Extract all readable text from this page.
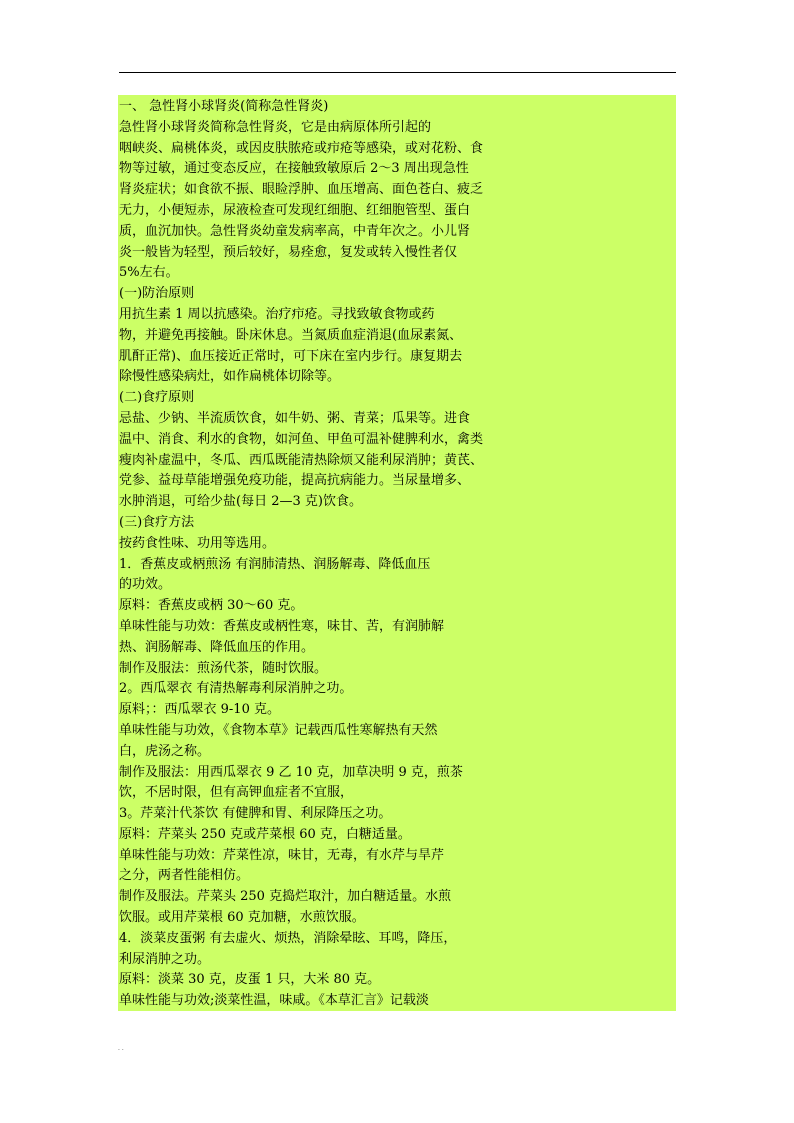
一、 急性肾小球肾炎(简称急性肾炎)
急性肾小球肾炎简称急性肾炎，它是由病原体所引起的
咽峡炎、扁桃体炎，或因皮肤脓疮或疖疮等感染，或对花粉、食
物等过敏，通过变态反应，在接触致敏原后 2～3 周出现急性
肾炎症状；如食欲不振、眼睑浮肿、血压增高、面色苍白、疲乏
无力，小便短赤，尿液检查可发现红细胞、红细胞管型、蛋白
质，血沉加快。急性肾炎幼童发病率高，中青年次之。小儿肾
炎一般皆为轻型，预后较好，易痊愈，复发或转入慢性者仅
5%左右。
(一)防治原则
用抗生素 1 周以抗感染。治疗疖疮。寻找致敏食物或药
物，并避免再接触。卧床休息。当氮质血症消退(血尿素氮、
肌酐正常)、血压接近正常时，可下床在室内步行。康复期去
除慢性感染病灶，如作扁桃体切除等。
(二)食疗原则
忌盐、少钠、半流质饮食，如牛奶、粥、青菜；瓜果等。进食
温中、消食、利水的食物，如河鱼、甲鱼可温补健脾利水，禽类
瘦肉补虚温中，冬瓜、西瓜既能清热除烦又能利尿消肿；黄芪、
党参、益母草能增强免疫功能，提高抗病能力。当尿量增多、
水肿消退，可给少盐(每日 2—3 克)饮食。
(三)食疗方法
按药食性味、功用等选用。
1．香蕉皮或柄煎汤 有润肺清热、润肠解毒、降低血压
的功效。
原料：香蕉皮或柄 30～60 克。
单味性能与功效：香蕉皮或柄性寒，味甘、苦，有润肺解
热、润肠解毒、降低血压的作用。
制作及服法：煎汤代茶，随时饮服。
2。西瓜翠衣 有清热解毒利尿消肿之功。
原料；：西瓜翠衣 9-10 克。
单味性能与功效，《食物本草》记载西瓜性寒解热有天然
白，虎汤之称。
制作及服法：用西瓜翠衣 9 乙 10 克，加草决明 9 克，煎茶
饮，不居时限，但有高钾血症者不宜服，
3。芹菜汁代茶饮 有健脾和胃、利尿降压之功。
原料：芹菜头 250 克或芹菜根 60 克，白糖适量。
单味性能与功效：芹菜性凉，味甘，无毒，有水芹与旱芹
之分，两者性能相仿。
制作及服法。芹菜头 250 克捣烂取汁，加白糖适量。水煎
饮服。或用芹菜根 60 克加糖，水煎饮服。
4．淡菜皮蛋粥 有去虚火、烦热，消除晕眩、耳鸣，降压，
利尿消肿之功。
原料：淡菜 30 克，皮蛋 1 只，大米 80 克。
单味性能与功效;淡菜性温，味咸。《本草汇言》记载淡
. .
